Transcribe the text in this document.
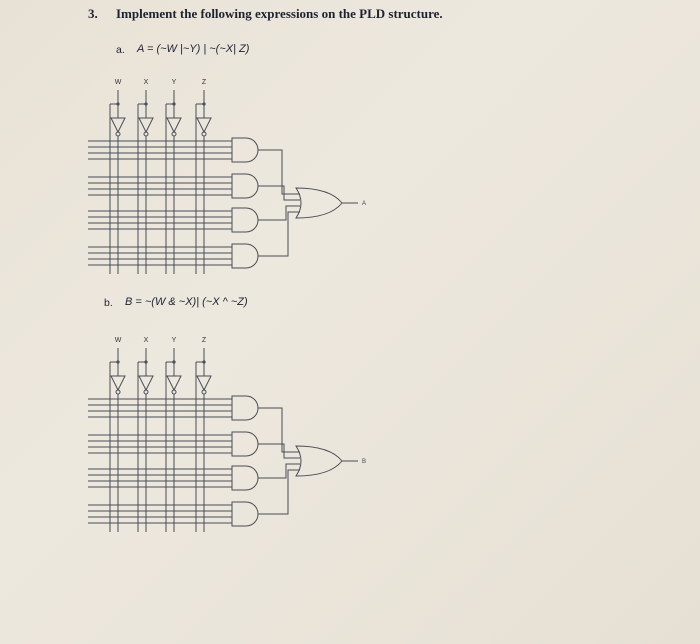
3. Implement the following expressions on the PLD structure.
a. A = (~W |~Y) | ~(~X| Z)
W	X	Y	Z
A
b. B = ~(W & ~X)| (~X ^ ~Z)
W	X	Y	Z
B
